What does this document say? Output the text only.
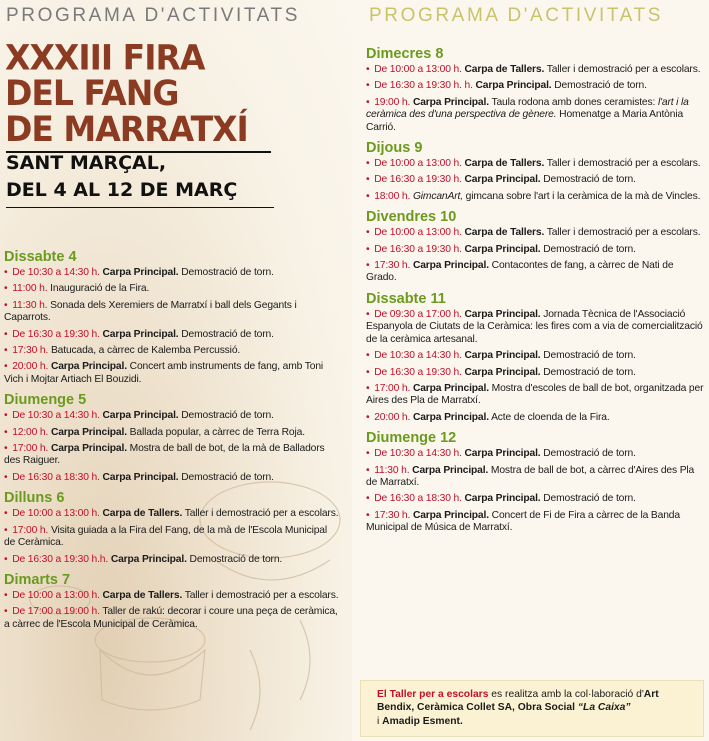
PROGRAMA D'ACTIVITATS
XXXIII FIRA
DEL FANG
DE MARRATXÍ
SANT MARÇAL,
DEL 4 AL 12 DE MARÇ
Dissabte 4
• De 10:30 a 14:30 h. Carpa Principal. Demostració de torn.
• 11:00 h. Inauguració de la Fira.
• 11:30 h. Sonada dels Xeremiers de Marratxí i ball dels Gegants i Caparrots.
• De 16:30 a 19:30 h. Carpa Principal. Demostració de torn.
• 17:30 h. Batucada, a càrrec de Kalemba Percussió.
• 20:00 h. Carpa Principal. Concert amb instruments de fang, amb Toni Vich i Mojtar Artiach El Bouzidi.
Diumenge 5
• De 10:30 a 14:30 h. Carpa Principal. Demostració de torn.
• 12:00 h. Carpa Principal. Ballada popular, a càrrec de Terra Roja.
• 17:00 h. Carpa Principal. Mostra de ball de bot, de la mà de Balladors des Raiguer.
• De 16:30 a 18:30 h. Carpa Principal. Demostració de torn.
Dilluns 6
• De 10:00 a 13:00 h. Carpa de Tallers. Taller i demostració per a escolars.
• 17:00 h. Visita guiada a la Fira del Fang, de la mà de l'Escola Municipal de Ceràmica.
• De 16:30 a 19:30 h.h. Carpa Principal. Demostració de torn.
Dimarts 7
• De 10:00 a 13:00 h. Carpa de Tallers. Taller i demostració per a escolars.
• De 17:00 a 19:00 h. Taller de rakú: decorar i coure una peça de ceràmica, a càrrec de l'Escola Municipal de Ceràmica.
PROGRAMA D'ACTIVITATS
Dimecres 8
• De 10:00 a 13:00 h. Carpa de Tallers. Taller i demostració per a escolars.
• De 16:30 a 19:30 h. h. Carpa Principal. Demostració de torn.
• 19:00 h. Carpa Principal. Taula rodona amb dones ceramistes: l'art i la ceràmica des d'una perspectiva de gènere. Homenatge a Maria Antònia Carrió.
Dijous 9
• De 10:00 a 13:00 h. Carpa de Tallers. Taller i demostració per a escolars.
• De 16:30 a 19:30 h. Carpa Principal. Demostració de torn.
• 18:00 h. GimcanArt, gimcana sobre l'art i la ceràmica de la mà de Vincles.
Divendres 10
• De 10:00 a 13:00 h. Carpa de Tallers. Taller i demostració per a escolars.
• De 16:30 a 19:30 h. Carpa Principal. Demostració de torn.
• 17:30 h. Carpa Principal. Contacontes de fang, a càrrec de Nati de Grado.
Dissabte 11
• De 09:30 a 17:00 h. Carpa Principal. Jornada Tècnica de l'Associació Espanyola de Ciutats de la Ceràmica: les fires com a via de comercialització de la ceràmica artesanal.
• De 10:30 a 14:30 h. Carpa Principal. Demostració de torn.
• De 16:30 a 19:30 h. Carpa Principal. Demostració de torn.
• 17:00 h. Carpa Principal. Mostra d'escoles de ball de bot, organitzada per Aires des Pla de Marratxí.
• 20:00 h. Carpa Principal. Acte de cloenda de la Fira.
Diumenge 12
• De 10:30 a 14:30 h. Carpa Principal. Demostració de torn.
• 11:30 h. Carpa Principal. Mostra de ball de bot, a càrrec d'Aires des Pla de Marratxí.
• De 16:30 a 18:30 h. Carpa Principal. Demostració de torn.
• 17:30 h. Carpa Principal. Concert de Fi de Fira a càrrec de la Banda Municipal de Música de Marratxí.
El Taller per a escolars es realitza amb la col·laboració d'Art Bendix, Ceràmica Collet SA, Obra Social “La Caixa”
i Amadip Esment.
